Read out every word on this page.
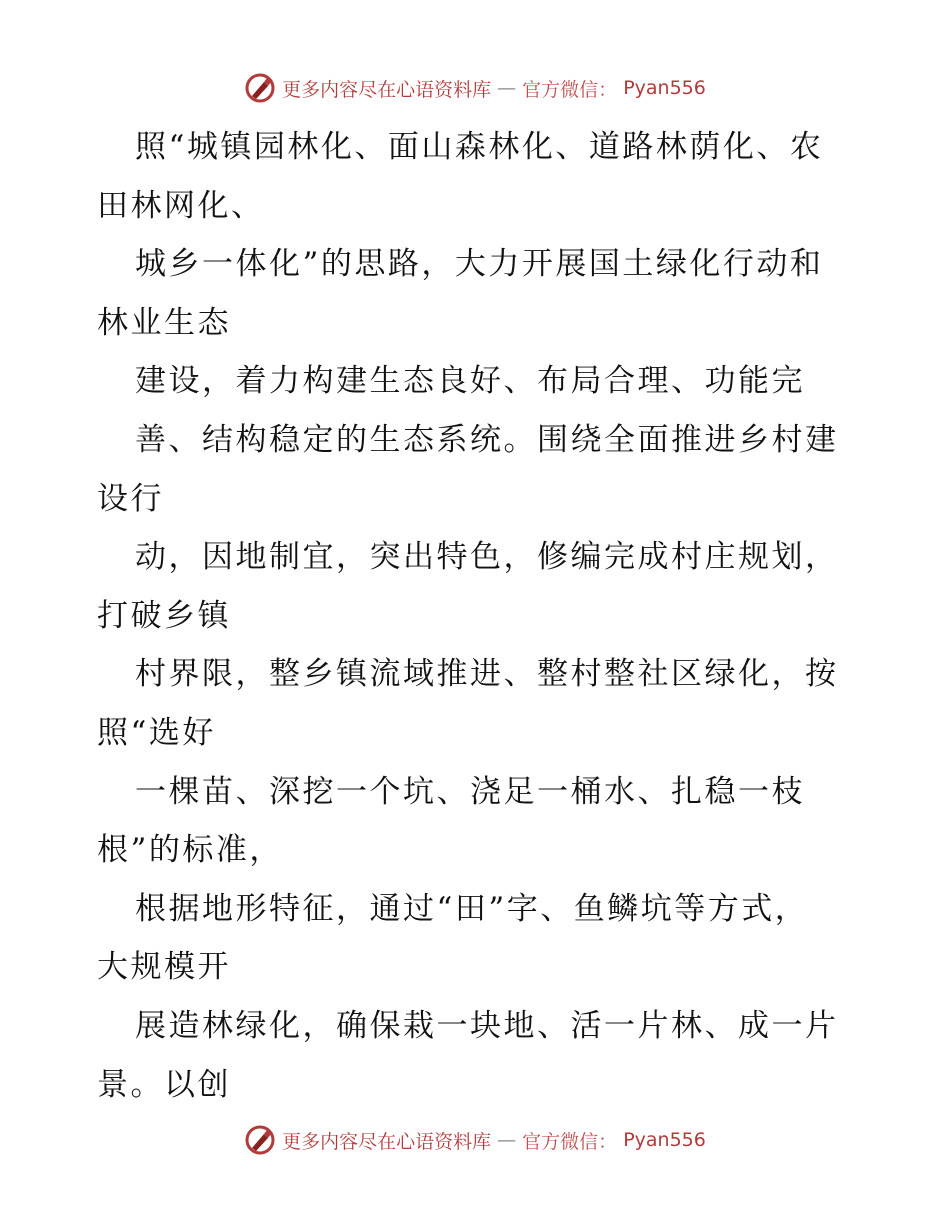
更多内容尽在心语资料库 — 官方微信： Pyan556
照“城镇园林化、面山森林化、道路林荫化、农
田林网化、
城乡一体化”的思路，大力开展国土绿化行动和
林业生态
建设，着力构建生态良好、布局合理、功能完
善、结构稳定的生态系统。围绕全面推进乡村建
设行
动，因地制宜，突出特色，修编完成村庄规划，
打破乡镇
村界限，整乡镇流域推进、整村整社区绿化，按
照“选好
一棵苗、深挖一个坑、浇足一桶水、扎稳一枝
根”的标准，
根据地形特征，通过“田”字、鱼鳞坑等方式，
大规模开
展造林绿化，确保栽一块地、活一片林、成一片
景。以创
更多内容尽在心语资料库 — 官方微信： Pyan556
